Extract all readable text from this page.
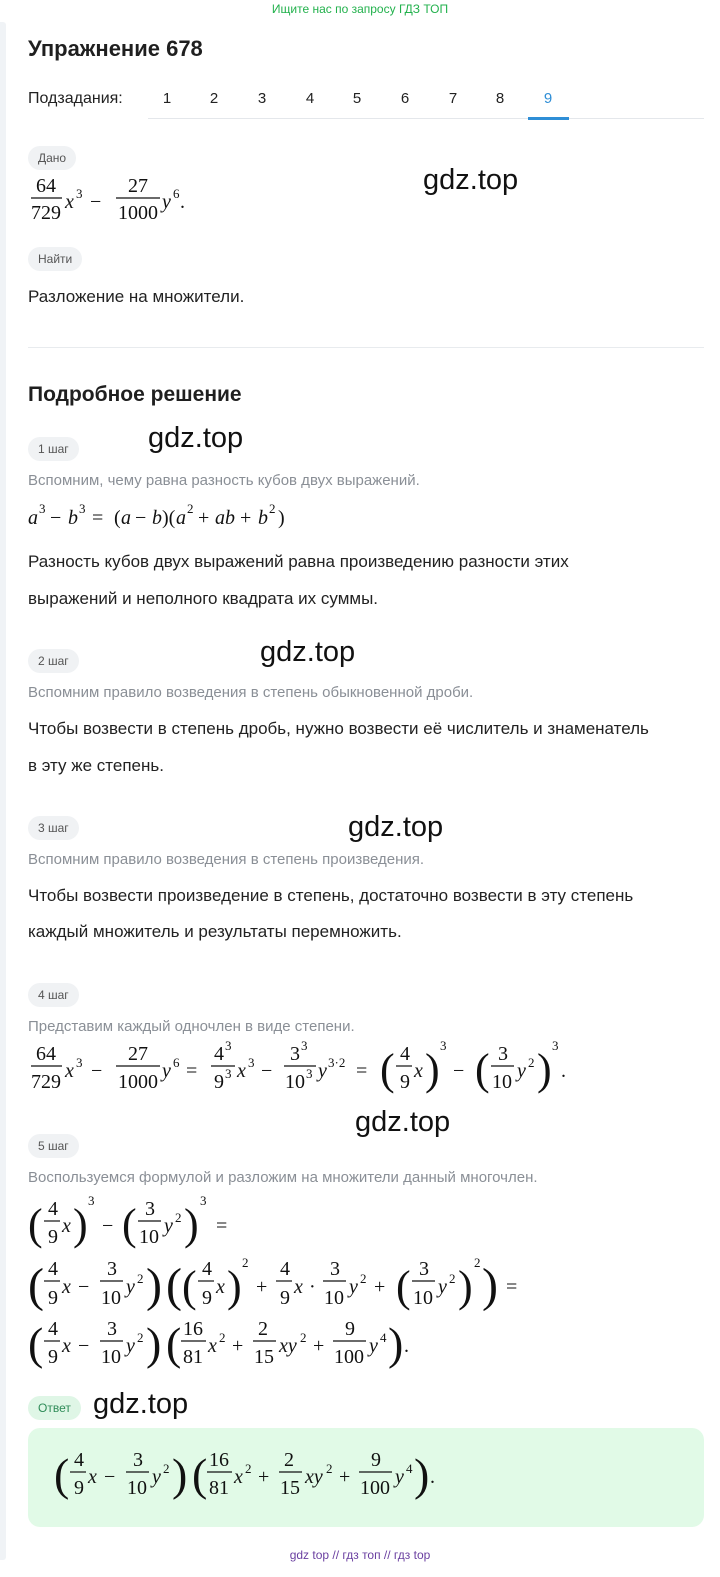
Ищите нас по запросу ГДЗ ТОП
Упражнение 678
Подзадания:	1	2	3	4	5	6	7	8	9
Дано
64
729 x 3 −
27
1000 y 6 .
gdz.top
Найти
Разложение на множители.
Подробное решение
1 шаг	gdz.top
Вспомним, чему равна разность кубов двух выражений.
a 3 − b 3 = ( a − b )( a 2 + ab + b 2 )
Разность кубов двух выражений равна произведению разности этих
выражений и неполного квадрата их суммы.
2 шаг	gdz.top
Вспомним правило возведения в степень обыкновенной дроби.
Чтобы возвести в степень дробь, нужно возвести её числитель и знаменатель
в эту же степень.
3 шаг	gdz.top
Вспомним правило возведения в степень произведения.
Чтобы возвести произведение в степень, достаточно возвести в эту степень
каждый множитель и результаты перемножить.
4 шаг
Представим каждый одночлен в виде степени.
64
729 x 3 −
27
1000 y 6 =
4 3
9 3 x 3 −
3 3
10 3 y 3·2 = ( 4
9 x ) 3
− ( 3
10 y 2 ) 3
.
gdz.top
5 шаг
Воспользуемся формулой и разложим на множители данный многочлен.
( 4
9 x ) 3
− ( 3
10 y 2 ) 3
=
( 4
9 x −
3
10 y 2 ) ( ( 4
9 x ) 2
+
4
9 x ·
3
10 y 2 + ( 3
10 y 2 ) 2 ) =
( 4
9 x −
3
10 y 2 ) ( 16
81 x 2 +
2
15 xy 2 +
9
100 y 4 ) .
Ответ gdz.top
( 4
9 x −
3
10 y 2 ) ( 16
81 x 2 +
2
15 xy 2 +
9
100 y 4 ) .
gdz top // гдз топ // гдз top
